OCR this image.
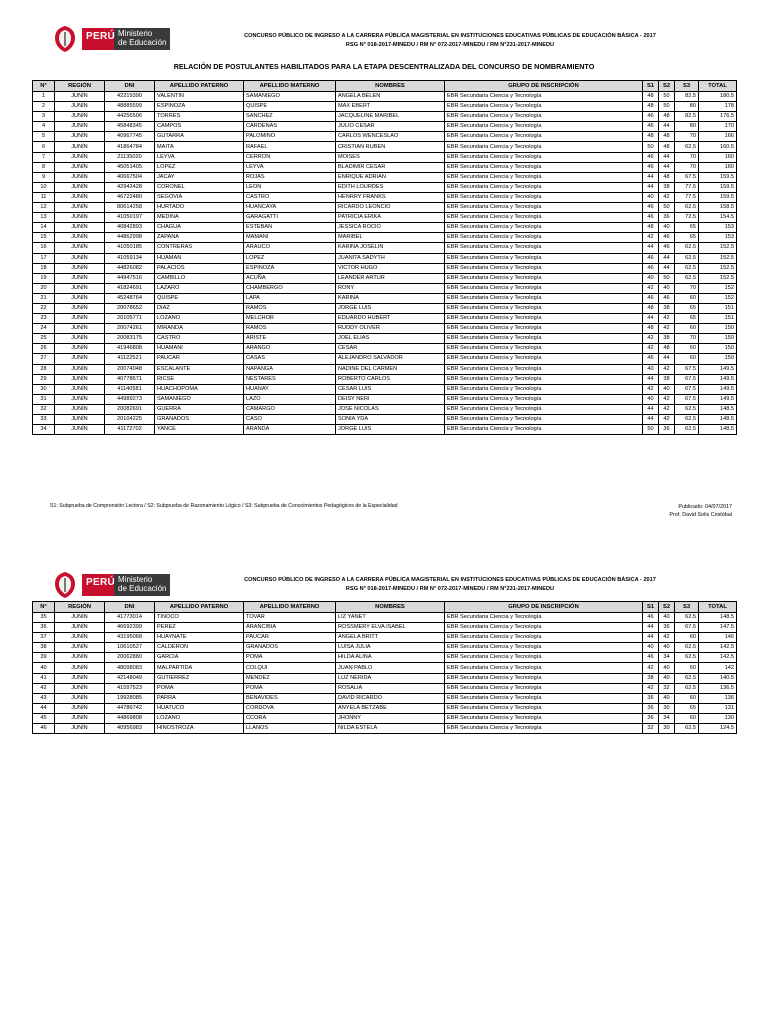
PERÚ Ministerio
de Educación
CONCURSO PÚBLICO DE INGRESO A LA CARRERA PÚBLICA MAGISTERIAL EN INSTITUCIONES EDUCATIVAS PÚBLICAS DE EDUCACIÓN BÁSICA - 2017
RSG N° 018-2017-MINEDU / RM N° 072-2017-MINEDU / RM N°231-2017-MINEDU
RELACIÓN DE POSTULANTES HABILITADOS PARA LA ETAPA DESCENTRALIZADA DEL CONCURSO DE NOMBRAMIENTO
N°	REGIÓN	DNI	APELLIDO PATERNO	APELLIDO MATERNO	NOMBRES	GRUPO DE INSCRIPCIÓN	S1	S2	S3	TOTAL
1	JUNÍN	42219390	VALENTIN	SAMANIEGO	ANGELA BELEN	EBR Secundaria Ciencia y Tecnología	48	50	82.5	180.5
2	JUNÍN	48885599	ESPINOZA	QUISPE	MAX EBERT	EBR Secundaria Ciencia y Tecnología	48	50	80	178
3	JUNÍN	44256506	TORRES	SANCHEZ	JACQUELINE MARIBEL	EBR Secundaria Ciencia y Tecnología	46	48	82.5	176.5
4	JUNÍN	45848345	CAMPOS	CARDENAS	JULIO CESAR	EBR Secundaria Ciencia y Tecnología	46	44	80	170
5	JUNÍN	40967745	GUTARRA	PALOMINO	CARLOS WENCESLAO	EBR Secundaria Ciencia y Tecnología	48	48	70	166
6	JUNÍN	41864784	MAITA	RAFAEL	CRISTIAN RUBEN	EBR Secundaria Ciencia y Tecnología	50	48	62.5	160.5
7	JUNÍN	21135020	LEYVA	CERRON	MOISES	EBR Secundaria Ciencia y Tecnología	46	44	70	160
8	JUNÍN	45051405	LOPEZ	LEYVA	BLADIMIR CESAR	EBR Secundaria Ciencia y Tecnología	46	44	70	160
9	JUNÍN	40667504	JACAY	ROJAS	ENRIQUE ADRIAN	EBR Secundaria Ciencia y Tecnología	44	48	67.5	159.5
10	JUNÍN	42942428	CORONEL	LEON	EDITH LOURDES	EBR Secundaria Ciencia y Tecnología	44	38	77.5	159.5
11	JUNÍN	46722480	SEGOVIA	CASTRO	HENRRY FRANKS	EBR Secundaria Ciencia y Tecnología	40	42	77.5	159.5
12	JUNÍN	80614258	HURTADO	HUANCAYA	RICARDO LEONCIO	EBR Secundaria Ciencia y Tecnología	46	50	62.5	158.5
13	JUNÍN	41050197	MEDINA	GARAGATTI	PATRICIA ERIKA	EBR Secundaria Ciencia y Tecnología	46	36	72.5	154.5
14	JUNÍN	40842893	CHAGUA	ESTEBAN	JESSICA ROCIO	EBR Secundaria Ciencia y Tecnología	48	40	65	153
15	JUNÍN	44862998	ZAPANA	MAMANI	MARIBEL	EBR Secundaria Ciencia y Tecnología	42	46	65	153
16	JUNÍN	41050185	CONTRERAS	ARAUCO	KARINA JOSELIN	EBR Secundaria Ciencia y Tecnología	44	46	62.5	152.5
17	JUNÍN	41059134	HUAMAN	LOPEZ	JUANITA SADYTH	EBR Secundaria Ciencia y Tecnología	46	44	62.5	152.5
18	JUNÍN	44826082	PALACIOS	ESPINOZA	VICTOR HUGO	EBR Secundaria Ciencia y Tecnología	46	44	62.5	152.5
19	JUNÍN	44947516	CAMBILLO	ACUÑA	LEANDER ARTUR	EBR Secundaria Ciencia y Tecnología	40	50	62.5	152.5
20	JUNÍN	41824691	LAZARO	CHAMBERGO	RONY	EBR Secundaria Ciencia y Tecnología	42	40	70	152
21	JUNÍN	45248764	QUISPE	LAPA	KARINA	EBR Secundaria Ciencia y Tecnología	46	46	60	152
22	JUNÍN	20078652	DIAZ	RAMOS	JORGE LUIS	EBR Secundaria Ciencia y Tecnología	48	38	65	151
23	JUNÍN	20105771	LOZANO	MELCHOR	EDUARDO HUBERT	EBR Secundaria Ciencia y Tecnología	44	42	65	151
24	JUNÍN	20074261	MIRANDA	RAMOS	RUDDY OLIVER	EBR Secundaria Ciencia y Tecnología	48	42	60	150
25	JUNÍN	20083175	CASTRO	ARISTE	JOEL ELIAS	EBR Secundaria Ciencia y Tecnología	42	38	70	150
26	JUNÍN	41946808	HUAMANI	ARANGO	CESAR	EBR Secundaria Ciencia y Tecnología	42	48	60	150
27	JUNÍN	41122521	PAUCAR	CASAS	ALEJANDRO SALVADOR	EBR Secundaria Ciencia y Tecnología	46	44	60	150
28	JUNÍN	20074048	ESCALANTE	NAPANGA	NADINE DEL CARMEN	EBR Secundaria Ciencia y Tecnología	40	42	67.5	149.5
29	JUNÍN	40778671	RICSE	NESTARES	ROBERTO CARLOS	EBR Secundaria Ciencia y Tecnología	44	38	67.5	149.5
30	JUNÍN	41140581	HUACHOPOMA	HUANAY	CESAR LUIS	EBR Secundaria Ciencia y Tecnología	42	40	67.5	149.5
31	JUNÍN	44989273	SAMANIEGO	LAZO	DEISY NERI	EBR Secundaria Ciencia y Tecnología	40	42	67.5	149.5
32	JUNÍN	20082691	GUERRA	CAMARGO	JOSE NICOLAS	EBR Secundaria Ciencia y Tecnología	44	42	62.5	148.5
33	JUNÍN	20104225	GRANADOS	CASO	SONIA YDA	EBR Secundaria Ciencia y Tecnología	44	42	62.5	148.5
34	JUNÍN	41172702	YANCE	ARANDA	JORGE LUIS	EBR Secundaria Ciencia y Tecnología	50	36	62.5	148.5
S1: Subprueba de Comprensión Lectora / S2: Subprueba de Razonamiento Lógico / S3: Subprueba de Conocimientos Pedagógicos de la Especialidad	Publicado: 04/07/2017
Prof. David Solis Cristóbal
PERÚ Ministerio
de Educación
CONCURSO PÚBLICO DE INGRESO A LA CARRERA PÚBLICA MAGISTERIAL EN INSTITUCIONES EDUCATIVAS PÚBLICAS DE EDUCACIÓN BÁSICA - 2017
RSG N° 018-2017-MINEDU / RM N° 072-2017-MINEDU / RM N°231-2017-MINEDU
N°	REGIÓN	DNI	APELLIDO PATERNO	APELLIDO MATERNO	NOMBRES	GRUPO DE INSCRIPCIÓN	S1	S2	S3	TOTAL
35	JUNÍN	41773014	TINOCO	TOVAR	LIZ YANET	EBR Secundaria Ciencia y Tecnología	46	40	62.5	148.5
36	JUNÍN	46692399	PEREZ	ARANCIBIA	ROSSMERY ELVA ISABEL	EBR Secundaria Ciencia y Tecnología	44	36	67.5	147.5
37	JUNÍN	43195068	HUAYNATE	PAUCAR	ANGELA BRITT	EBR Secundaria Ciencia y Tecnología	44	42	60	146
38	JUNÍN	10610527	CALDERON	GRANADOS	LUISA JULIA	EBR Secundaria Ciencia y Tecnología	40	40	62.5	142.5
39	JUNÍN	20062880	GARCIA	POMA	HILDA ALINA	EBR Secundaria Ciencia y Tecnología	46	34	62.5	142.5
40	JUNÍN	48098083	MALPARTIDA	COLQUI	JUAN PABLO	EBR Secundaria Ciencia y Tecnología	42	40	60	142
41	JUNÍN	42148049	GUTIERREZ	MENDEZ	LUZ NERIDA	EBR Secundaria Ciencia y Tecnología	38	40	62.5	140.5
42	JUNÍN	41597523	POMA	POMA	ROSALIA	EBR Secundaria Ciencia y Tecnología	42	32	62.5	136.5
43	JUNÍN	19928085	PARRA	BENAVIDES	DAVID RICARDO	EBR Secundaria Ciencia y Tecnología	36	40	60	136
44	JUNÍN	44786742	HUATUCO	CORDOVA	ANYELA BETZABE	EBR Secundaria Ciencia y Tecnología	36	30	65	131
45	JUNÍN	44869808	LOZANO	CCORA	JHONNY	EBR Secundaria Ciencia y Tecnología	36	34	60	130
46	JUNÍN	40956983	HINOSTROZA	LLANOS	NILDA ESTELA	EBR Secundaria Ciencia y Tecnología	32	30	62.5	124.5
